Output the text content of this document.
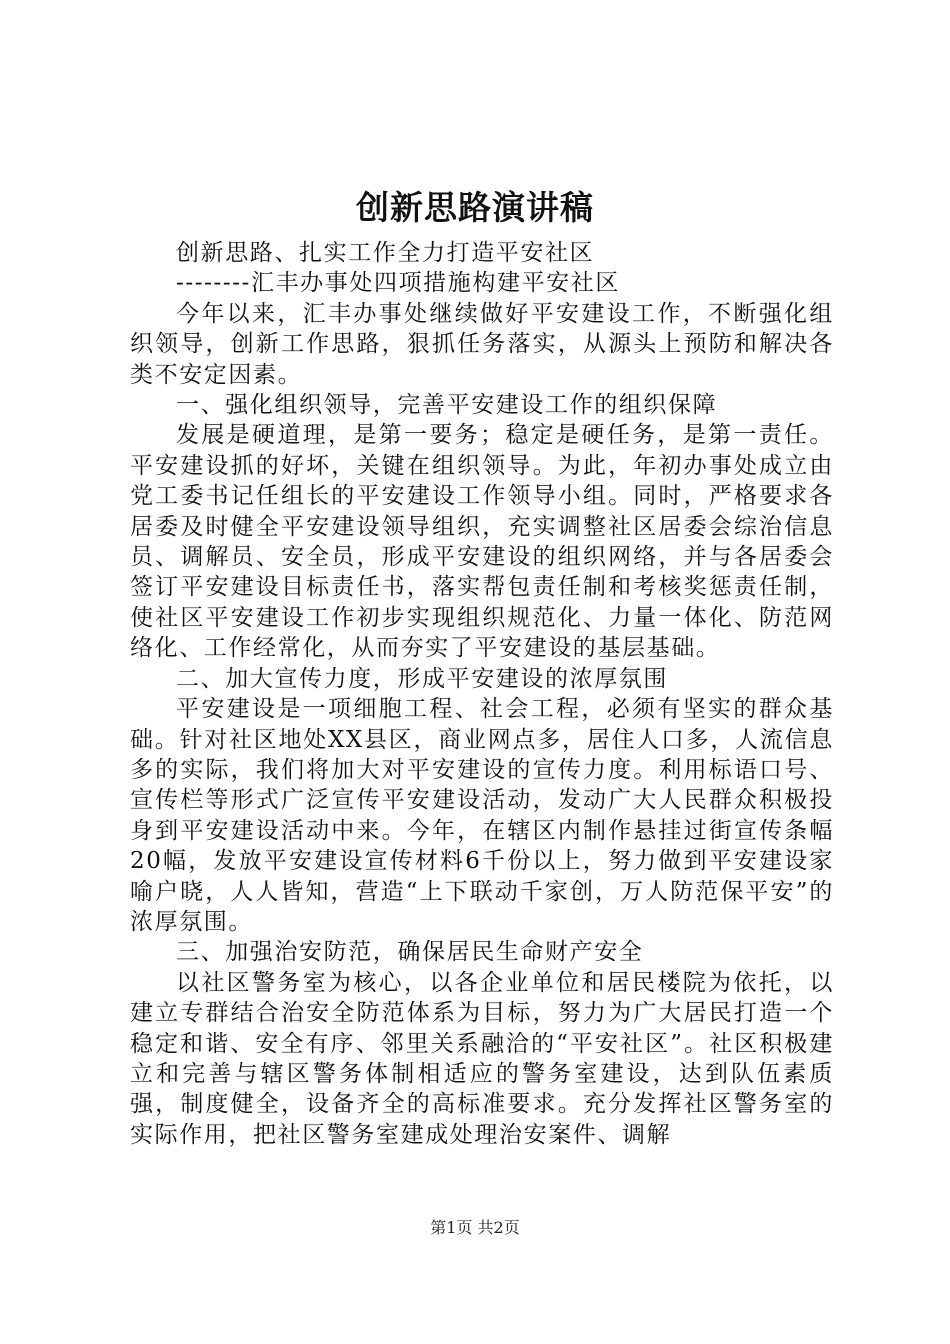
创新思路演讲稿

创新思路、扎实工作全力打造平安社区

--------汇丰办事处四项措施构建平安社区

今年以来，汇丰办事处继续做好平安建设工作，不断强化组织领导，创新工作思路，狠抓任务落实，从源头上预防和解决各类不安定因素。

一、强化组织领导，完善平安建设工作的组织保障

发展是硬道理，是第一要务；稳定是硬任务，是第一责任。平安建设抓的好坏，关键在组织领导。为此，年初办事处成立由党工委书记任组长的平安建设工作领导小组。同时，严格要求各居委及时健全平安建设领导组织，充实调整社区居委会综治信息员、调解员、安全员，形成平安建设的组织网络，并与各居委会签订平安建设目标责任书，落实帮包责任制和考核奖惩责任制，使社区平安建设工作初步实现组织规范化、力量一体化、防范网络化、工作经常化，从而夯实了平安建设的基层基础。

二、加大宣传力度，形成平安建设的浓厚氛围

平安建设是一项细胞工程、社会工程，必须有坚实的群众基础。针对社区地处XX县区，商业网点多，居住人口多，人流信息多的实际，我们将加大对平安建设的宣传力度。利用标语口号、宣传栏等形式广泛宣传平安建设活动，发动广大人民群众积极投身到平安建设活动中来。今年，在辖区内制作悬挂过街宣传条幅20幅，发放平安建设宣传材料6千份以上，努力做到平安建设家喻户晓，人人皆知，营造“上下联动千家创，万人防范保平安”的浓厚氛围。

三、加强治安防范，确保居民生命财产安全

以社区警务室为核心，以各企业单位和居民楼院为依托，以建立专群结合治安全防范体系为目标，努力为广大居民打造一个稳定和谐、安全有序、邻里关系融洽的“平安社区”。社区积极建立和完善与辖区警务体制相适应的警务室建设，达到队伍素质强，制度健全，设备齐全的高标准要求。充分发挥社区警务室的实际作用，把社区警务室建成处理治安案件、调解

第1页 共2页
